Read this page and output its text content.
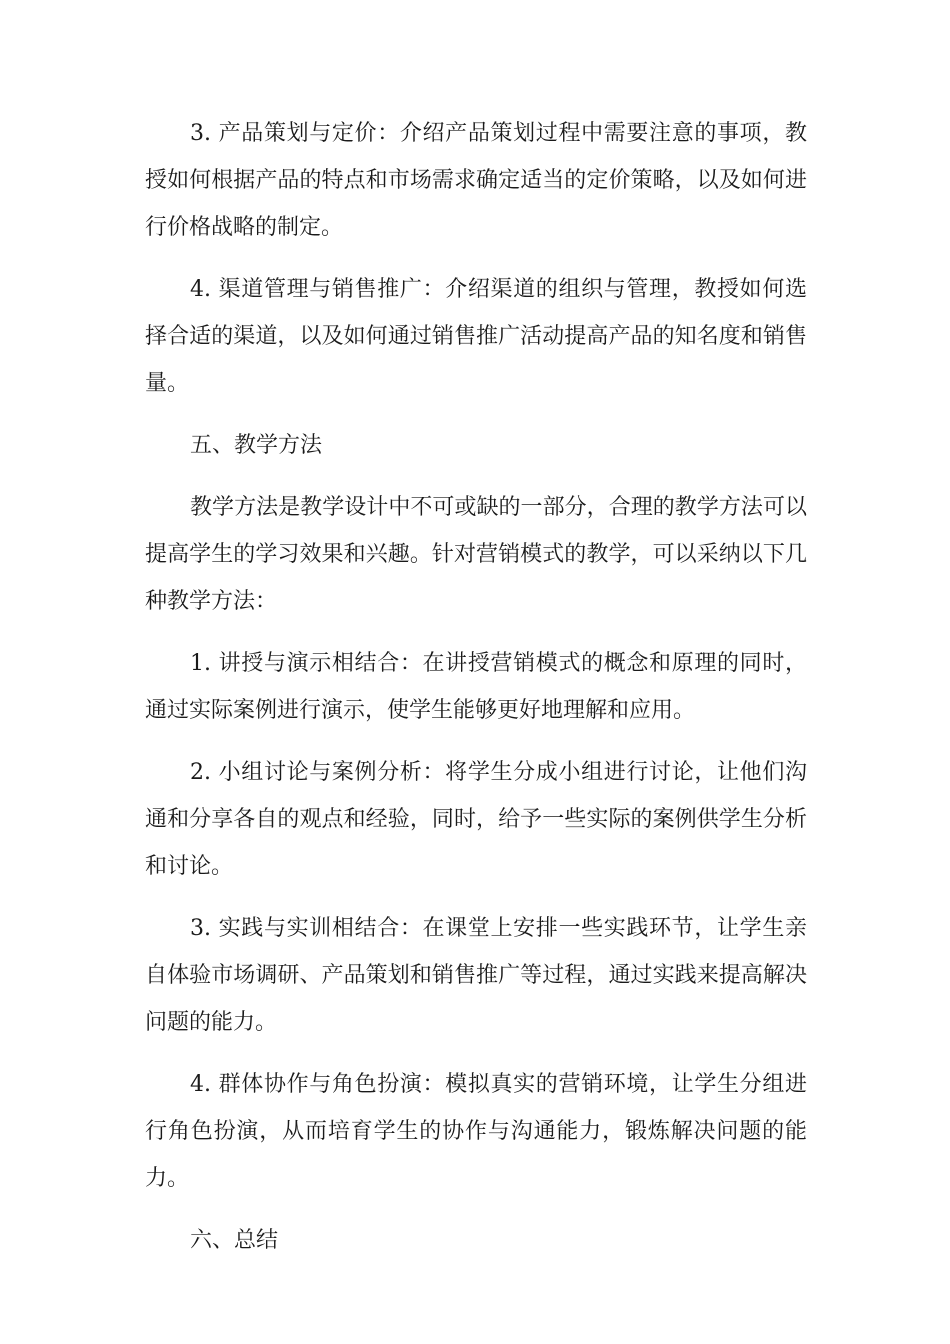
3. 产品策划与定价：介绍产品策划过程中需要注意的事项，教授如何根据产品的特点和市场需求确定适当的定价策略，以及如何进行价格战略的制定。

4. 渠道管理与销售推广：介绍渠道的组织与管理，教授如何选择合适的渠道，以及如何通过销售推广活动提高产品的知名度和销售量。

五、教学方法

教学方法是教学设计中不可或缺的一部分，合理的教学方法可以提高学生的学习效果和兴趣。针对营销模式的教学，可以采纳以下几种教学方法：

1. 讲授与演示相结合：在讲授营销模式的概念和原理的同时，通过实际案例进行演示，使学生能够更好地理解和应用。

2. 小组讨论与案例分析：将学生分成小组进行讨论，让他们沟通和分享各自的观点和经验，同时，给予一些实际的案例供学生分析和讨论。

3. 实践与实训相结合：在课堂上安排一些实践环节，让学生亲自体验市场调研、产品策划和销售推广等过程，通过实践来提高解决问题的能力。

4. 群体协作与角色扮演：模拟真实的营销环境，让学生分组进行角色扮演，从而培育学生的协作与沟通能力，锻炼解决问题的能力。

六、总结
